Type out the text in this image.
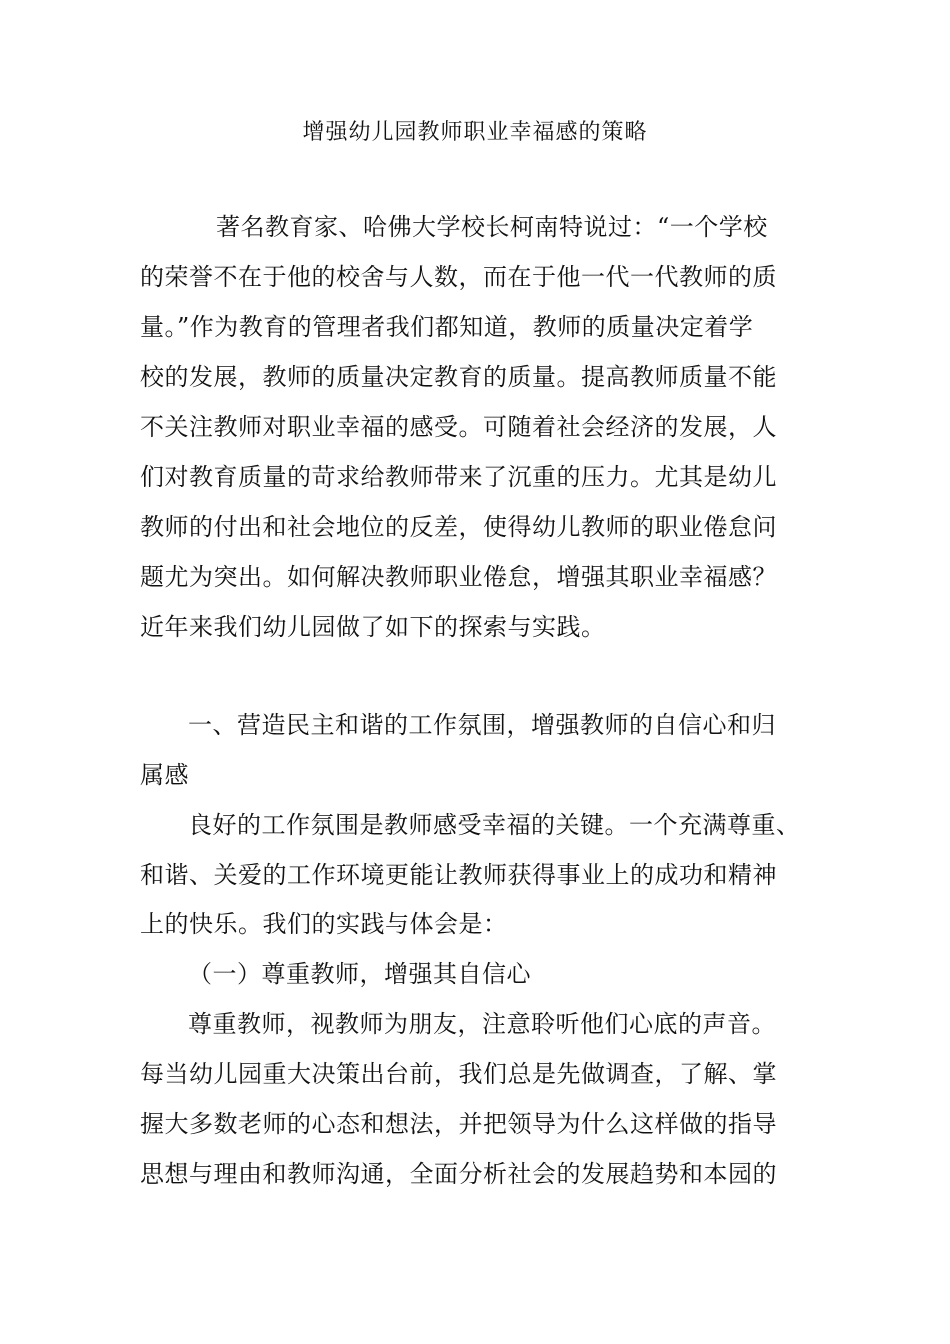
增强幼儿园教师职业幸福感的策略
著名教育家、哈佛大学校长柯南特说过：“一个学校
的荣誉不在于他的校舍与人数，而在于他一代一代教师的质
量。”作为教育的管理者我们都知道，教师的质量决定着学
校的发展，教师的质量决定教育的质量。提高教师质量不能
不关注教师对职业幸福的感受。可随着社会经济的发展，人
们对教育质量的苛求给教师带来了沉重的压力。尤其是幼儿
教师的付出和社会地位的反差，使得幼儿教师的职业倦怠问
题尤为突出。如何解决教师职业倦怠，增强其职业幸福感？
近年来我们幼儿园做了如下的探索与实践。
一、营造民主和谐的工作氛围，增强教师的自信心和归
属感
良好的工作氛围是教师感受幸福的关键。一个充满尊重、
和谐、关爱的工作环境更能让教师获得事业上的成功和精神
上的快乐。我们的实践与体会是：
（一）尊重教师，增强其自信心
尊重教师，视教师为朋友，注意聆听他们心底的声音。
每当幼儿园重大决策出台前，我们总是先做调查，了解、掌
握大多数老师的心态和想法，并把领导为什么这样做的指导
思想与理由和教师沟通，全面分析社会的发展趋势和本园的
